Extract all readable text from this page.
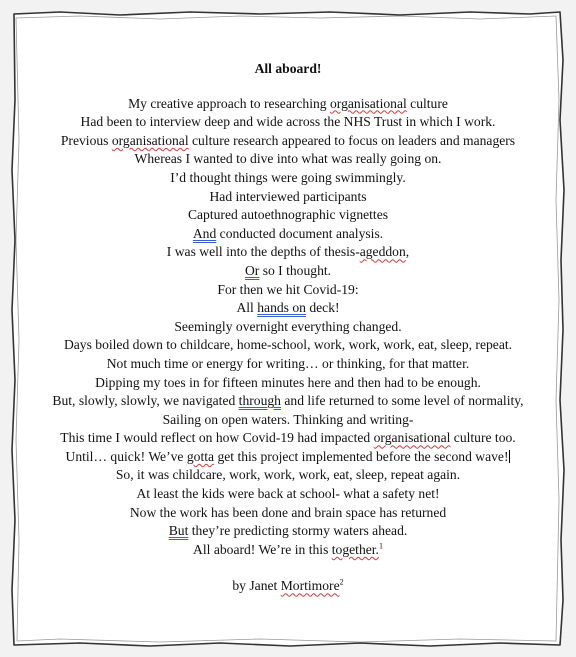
All aboard!
My creative approach to researching organisational culture
Had been to interview deep and wide across the NHS Trust in which I work.
Previous organisational culture research appeared to focus on leaders and managers
Whereas I wanted to dive into what was really going on.
I’d thought things were going swimmingly.
Had interviewed participants
Captured autoethnographic vignettes
And conducted document analysis.
I was well into the depths of thesis-ageddon,
Or so I thought.
For then we hit Covid-19:
All hands on deck!
Seemingly overnight everything changed.
Days boiled down to childcare, home-school, work, work, work, eat, sleep, repeat.
Not much time or energy for writing… or thinking, for that matter.
Dipping my toes in for fifteen minutes here and then had to be enough.
But, slowly, slowly, we navigated through and life returned to some level of normality,
Sailing on open waters. Thinking and writing-
This time I would reflect on how Covid-19 had impacted organisational culture too.
Until… quick! We’ve gotta get this project implemented before the second wave!
So, it was childcare, work, work, work, eat, sleep, repeat again.
At least the kids were back at school- what a safety net!
Now the work has been done and brain space has returned
But they’re predicting stormy waters ahead.
All aboard! We’re in this together.$^1$
by Janet Mortimore$^2$
